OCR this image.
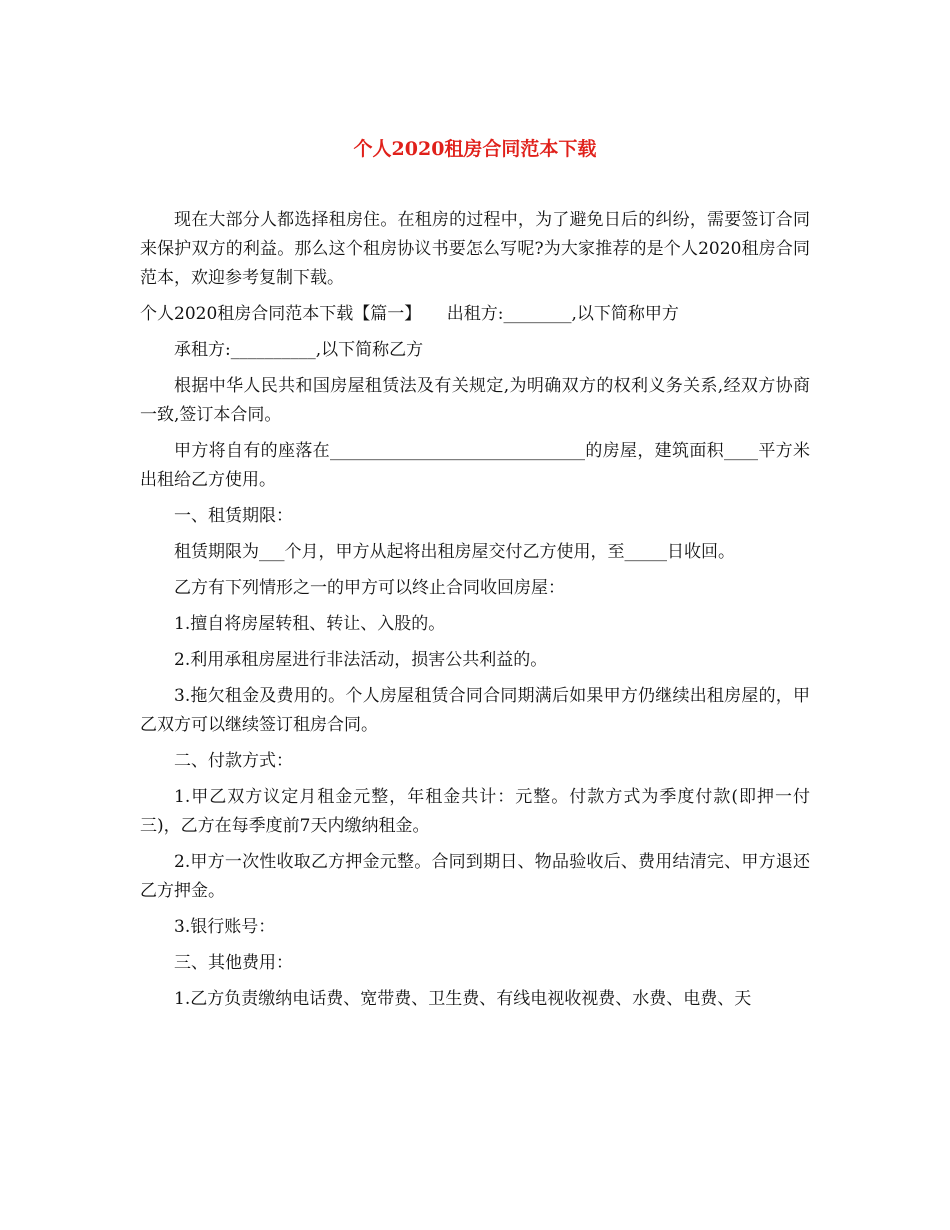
个人2020租房合同范本下载

现在大部分人都选择租房住。在租房的过程中，为了避免日后的纠纷，需要签订合同来保护双方的利益。那么这个租房协议书要怎么写呢?为大家推荐的是个人2020租房合同范本，欢迎参考复制下载。

个人2020租房合同范本下载【篇一】　　出租方:________,以下简称甲方

承租方:__________,以下简称乙方

根据中华人民共和国房屋租赁法及有关规定,为明确双方的权利义务关系,经双方协商一致,签订本合同。

甲方将自有的座落在______________________________的房屋，建筑面积____平方米出租给乙方使用。

一、租赁期限：

租赁期限为___个月，甲方从起将出租房屋交付乙方使用，至_____日收回。

乙方有下列情形之一的甲方可以终止合同收回房屋：

1.擅自将房屋转租、转让、入股的。

2.利用承租房屋进行非法活动，损害公共利益的。

3.拖欠租金及费用的。个人房屋租赁合同合同期满后如果甲方仍继续出租房屋的，甲乙双方可以继续签订租房合同。

二、付款方式：

1.甲乙双方议定月租金元整，年租金共计：元整。付款方式为季度付款(即押一付三)，乙方在每季度前7天内缴纳租金。

2.甲方一次性收取乙方押金元整。合同到期日、物品验收后、费用结清完、甲方退还乙方押金。

3.银行账号：

三、其他费用：

1.乙方负责缴纳电话费、宽带费、卫生费、有线电视收视费、水费、电费、天
